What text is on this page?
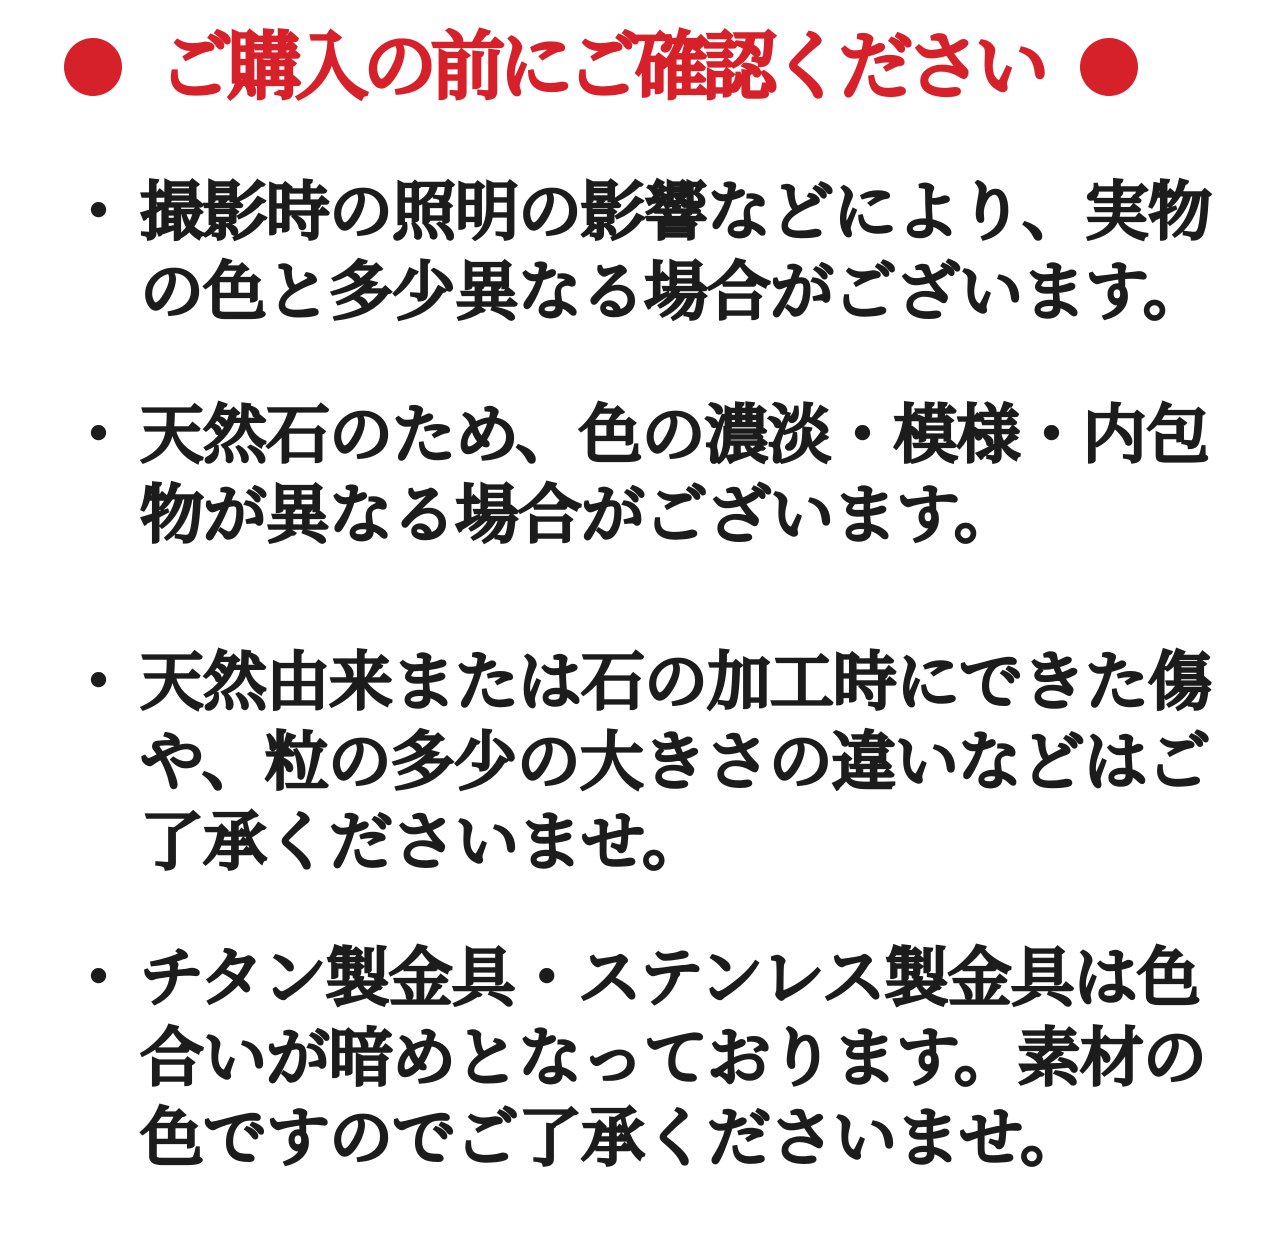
ご購入の前にご確認ください
・ 撮影時の照明の影響などにより、実物
の色と多少異なる場合がございます。
・ 天然石のため、色の濃淡・模様・内包
物が異なる場合がございます。
・ 天然由来または石の加工時にできた傷
や、粒の多少の大きさの違いなどはご
了承くださいませ。
・ チタン製金具・ステンレス製金具は色
合いが暗めとなっております。素材の
色ですのでご了承くださいませ。
